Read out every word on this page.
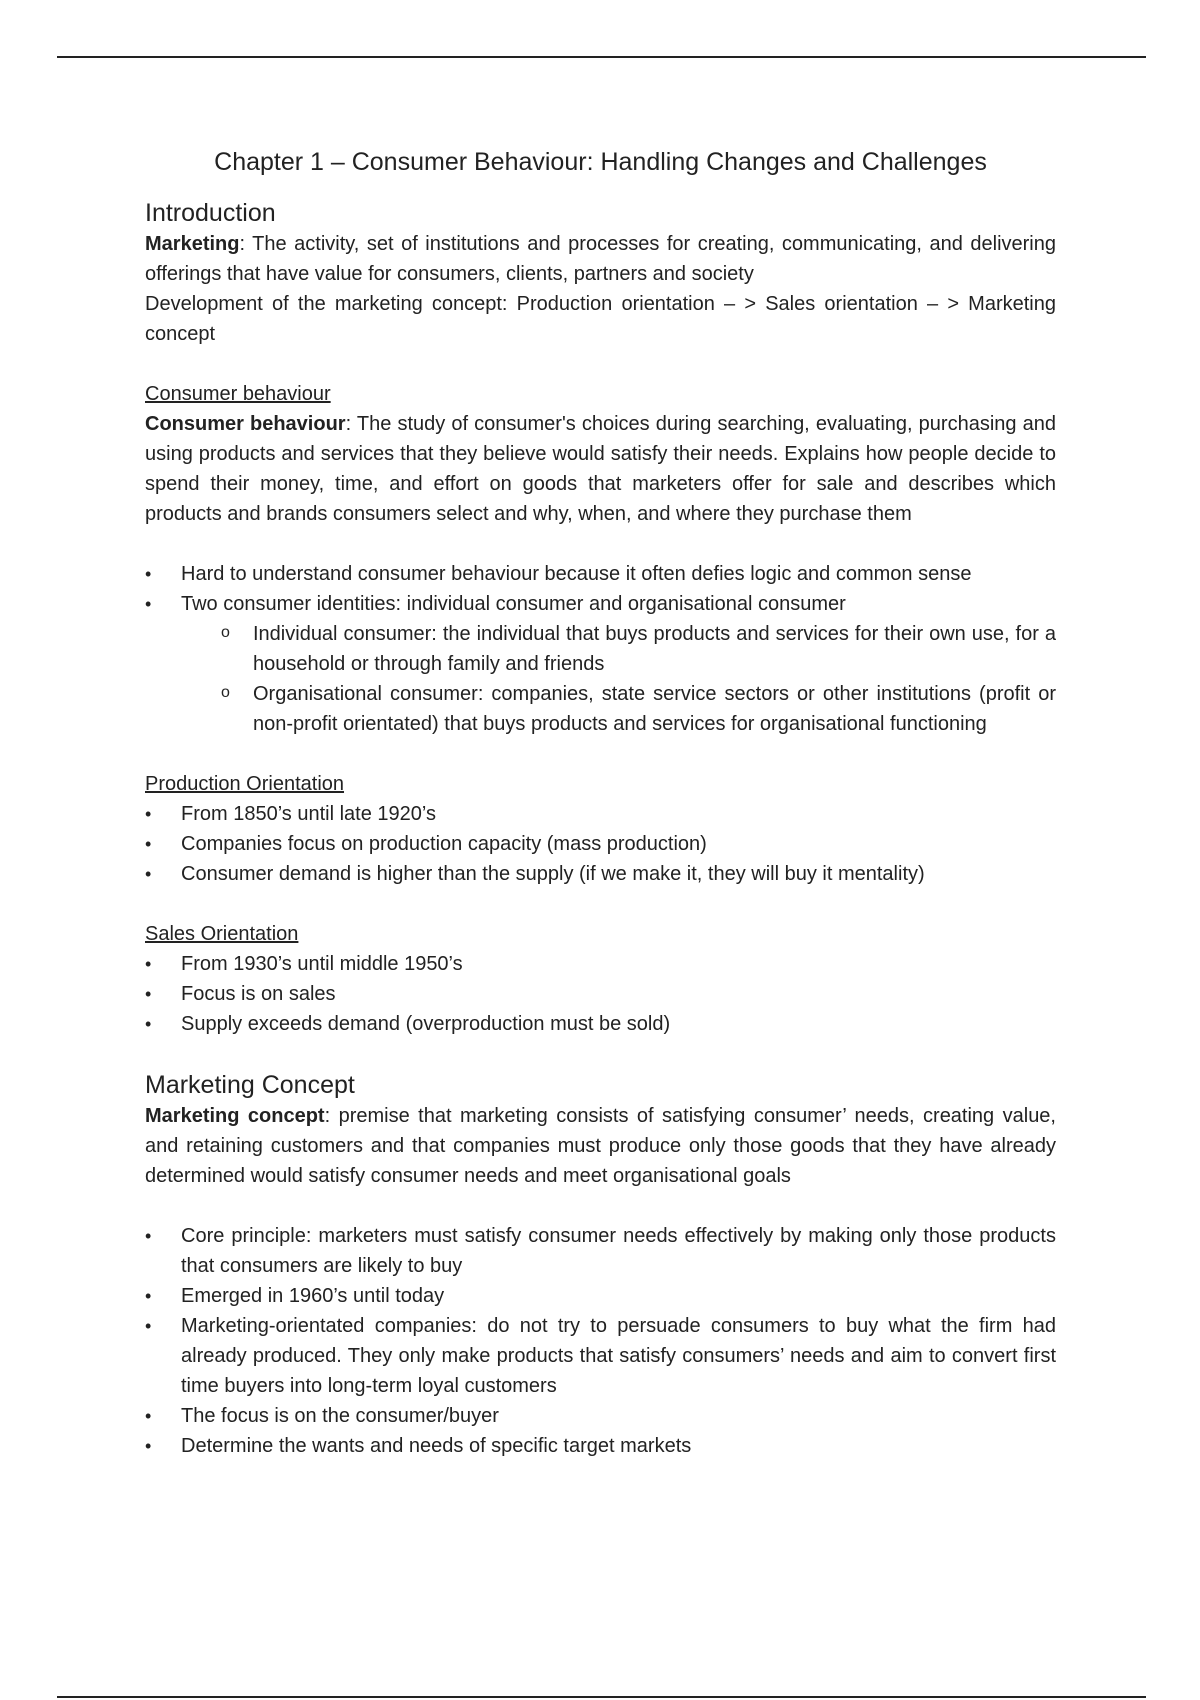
Chapter 1 – Consumer Behaviour: Handling Changes and Challenges
Introduction

Marketing: The activity, set of institutions and processes for creating, communicating, and delivering offerings that have value for consumers, clients, partners and society

Development of the marketing concept: Production orientation – > Sales orientation – > Marketing concept

Consumer behaviour

Consumer behaviour: The study of consumer's choices during searching, evaluating, purchasing and using products and services that they believe would satisfy their needs. Explains how people decide to spend their money, time, and effort on goods that marketers offer for sale and describes which products and brands consumers select and why, when, and where they purchase them

• Hard to understand consumer behaviour because it often defies logic and common sense
• Two consumer identities: individual consumer and organisational consumer
o Individual consumer: the individual that buys products and services for their own use, for a household or through family and friends
o Organisational consumer: companies, state service sectors or other institutions (profit or non-profit orientated) that buys products and services for organisational functioning

Production Orientation

• From 1850’s until late 1920’s
• Companies focus on production capacity (mass production)
• Consumer demand is higher than the supply (if we make it, they will buy it mentality)

Sales Orientation

• From 1930’s until middle 1950’s
• Focus is on sales
• Supply exceeds demand (overproduction must be sold)
Marketing Concept

Marketing concept: premise that marketing consists of satisfying consumer’ needs, creating value, and retaining customers and that companies must produce only those goods that they have already determined would satisfy consumer needs and meet organisational goals

• Core principle: marketers must satisfy consumer needs effectively by making only those products that consumers are likely to buy
• Emerged in 1960’s until today
• Marketing-orientated companies: do not try to persuade consumers to buy what the firm had already produced. They only make products that satisfy consumers’ needs and aim to convert first time buyers into long-term loyal customers
• The focus is on the consumer/buyer
• Determine the wants and needs of specific target markets
